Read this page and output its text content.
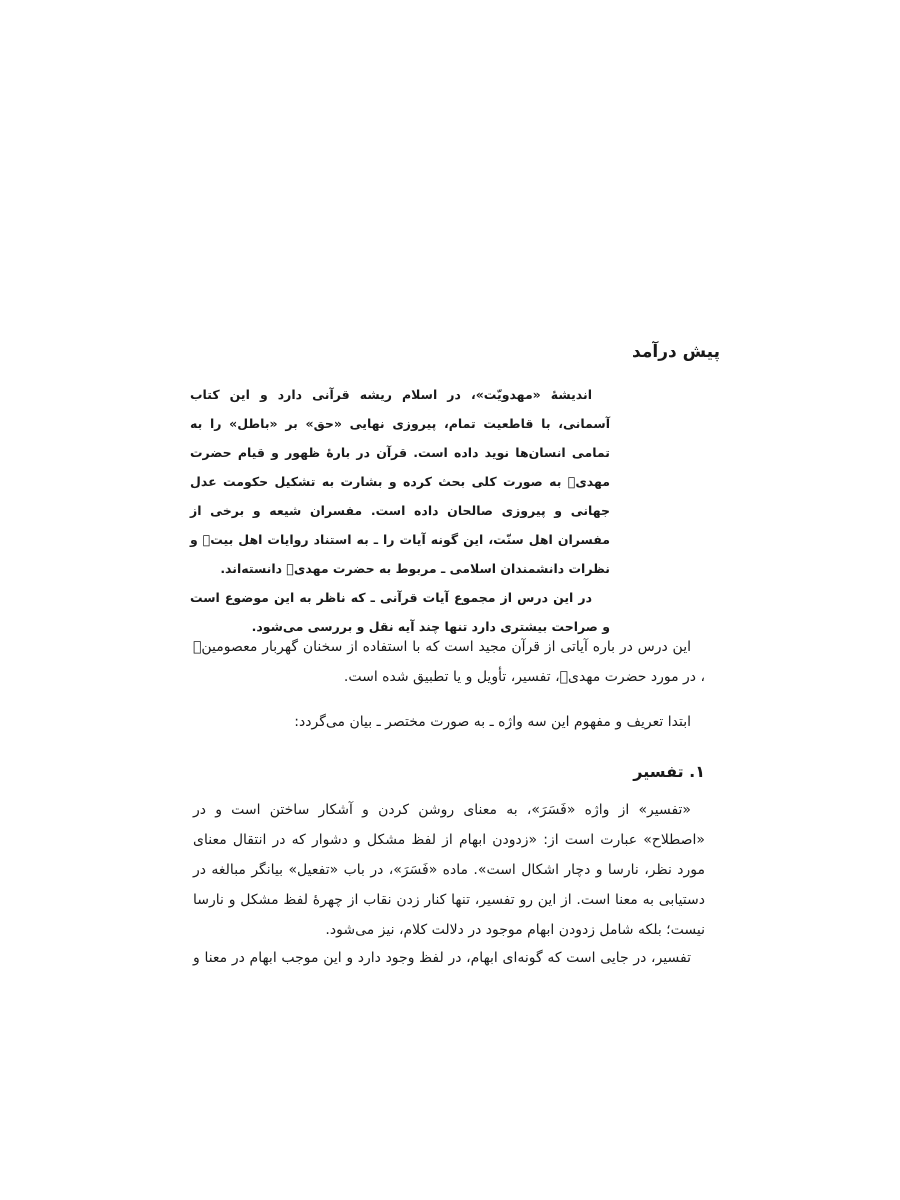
پیش درآمد

اندیشهٔ «مهدویّت»، در اسلام ریشه قرآنی دارد و این کتاب آسمانی، با قاطعیت تمام، پیروزی نهایی «حق» بر «باطل» را به تمامی انسان‌ها نوید داده است. قرآن در بارهٔ ظهور و قیام حضرت مهدیؑ به صورت کلی بحث کرده و بشارت به تشکیل حکومت عدل جهانی و پیروزی صالحان داده است. مفسران شیعه و برخی از مفسران اهل سنّت، این گونه آیات را ـ به استناد روایات اهل بیتؑ و نظرات دانشمندان اسلامی ـ مربوط به حضرت مهدیؑ دانسته‌اند.

در این درس از مجموع آیات قرآنی ـ که ناظر به این موضوع است و صراحت بیشتری دارد تنها چند آیه نقل و بررسی می‌شود.

این درس در باره آیاتی از قرآن مجید است که با استفاده از سخنان گهربار معصومینؑ ، در مورد حضرت مهدیؑ، تفسیر، تأویل و یا تطبیق شده است.

ابتدا تعریف و مفهوم این سه واژه ـ به صورت مختصر ـ بیان می‌گردد:

۱. تفسیر

«تفسیر» از واژه «فَسَرَ»، به معنای روشن کردن و آشکار ساختن است و در «اصطلاح» عبارت است از: «زدودن ابهام از لفظ مشکل و دشوار که در انتقال معنای مورد نظر، نارسا و دچار اشکال است». ماده «فَسَرَ»، در باب «تفعیل» بیانگر مبالغه در دستیابی به معنا است. از این رو تفسیر، تنها کنار زدن نقاب از چهرهٔ لفظ مشکل و نارسا نیست؛ بلکه شامل زدودن ابهام موجود در دلالت کلام، نیز می‌شود.

تفسیر، در جایی است که گونه‌ای ابهام، در لفظ وجود دارد و این موجب ابهام در معنا و
